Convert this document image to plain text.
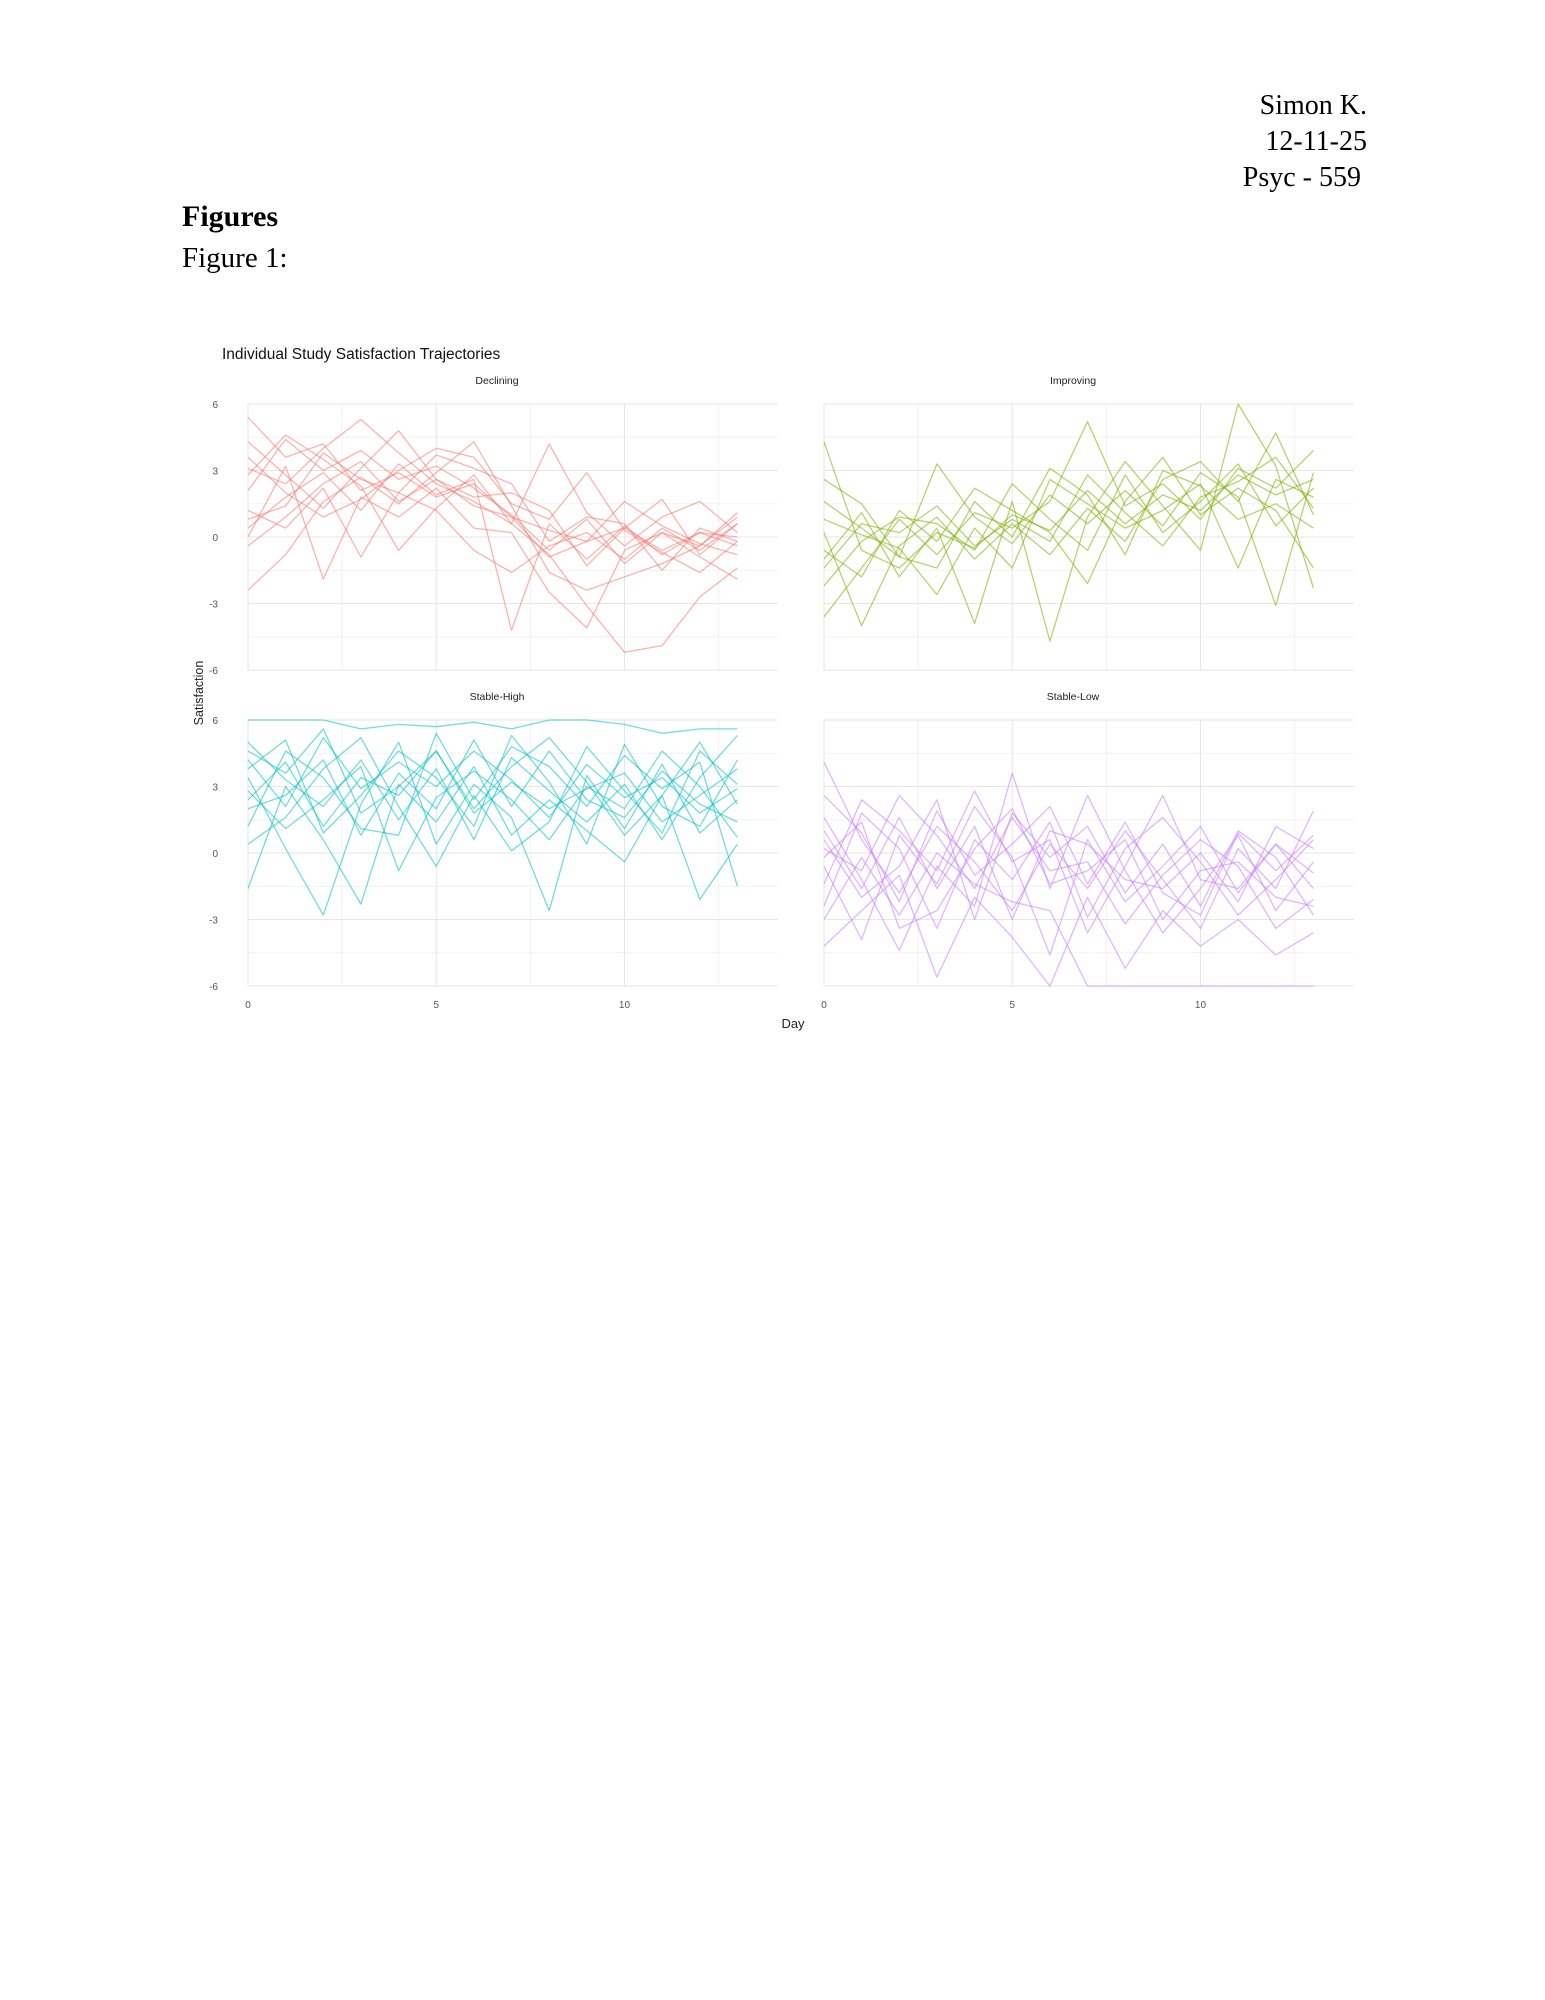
Simon K.
12-11-25
Psyc - 559
Figures
Figure 1:
Individual Study Satisfaction Trajectories
Day
Satisfaction
Declining
-6
-3
0
3
6
Improving
Stable-High
-6
-3
0
3
6
0	5	10
Stable-Low
0	5	10
